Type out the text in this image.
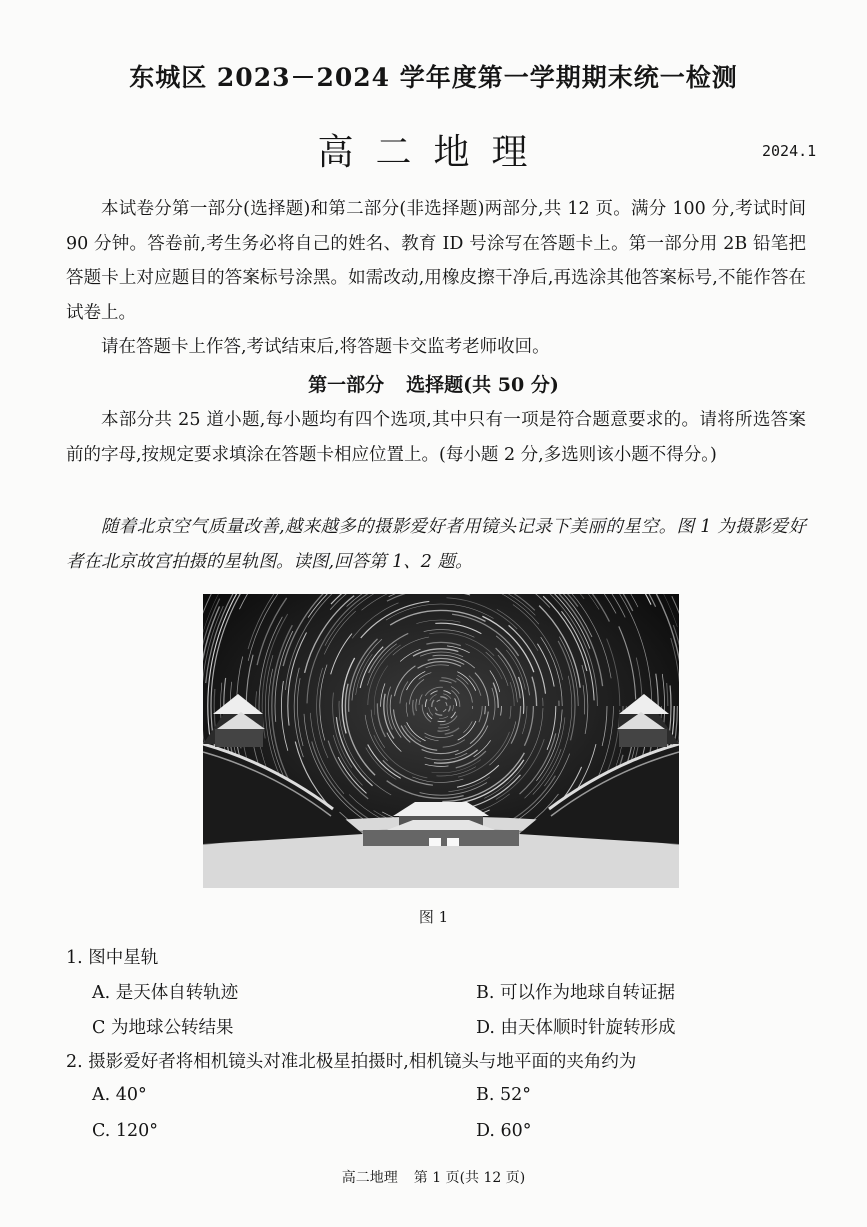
东城区 2023－2024 学年度第一学期期末统一检测
高二地理	2024.1

本试卷分第一部分(选择题)和第二部分(非选择题)两部分,共 12 页。满分 100 分,考试时间 90 分钟。答卷前,考生务必将自己的姓名、教育 ID 号涂写在答题卡上。第一部分用 2B 铅笔把答题卡上对应题目的答案标号涂黑。如需改动,用橡皮擦干净后,再选涂其他答案标号,不能作答在试卷上。

请在答题卡上作答,考试结束后,将答题卡交监考老师收回。

第一部分 选择题(共 50 分)

本部分共 25 道小题,每小题均有四个选项,其中只有一项是符合题意要求的。请将所选答案前的字母,按规定要求填涂在答题卡相应位置上。(每小题 2 分,多选则该小题不得分。)

随着北京空气质量改善,越来越多的摄影爱好者用镜头记录下美丽的星空。图 1 为摄影爱好者在北京故宫拍摄的星轨图。读图,回答第 1、2 题。

图 1
1. 图中星轨
A. 是天体自转轨迹	B. 可以作为地球自转证据
C 为地球公转结果	D. 由天体顺时针旋转形成
2. 摄影爱好者将相机镜头对准北极星拍摄时,相机镜头与地平面的夹角约为
A. 40°	B. 52°
C. 120°	D. 60°
高二地理 第 1 页(共 12 页)
